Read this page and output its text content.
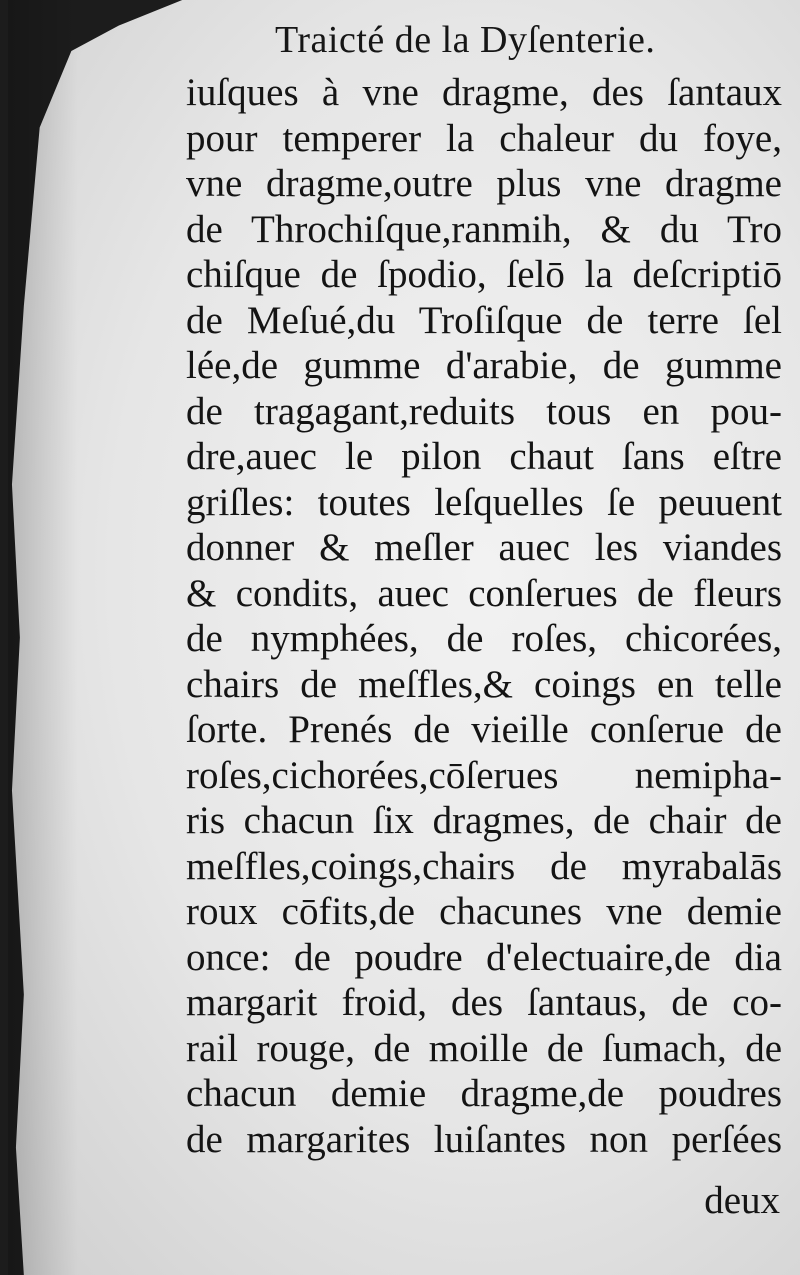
Traicté de la Dyſenterie.
iuſques à vne dragme, des ſantaux
pour temperer la chaleur du foye,
vne dragme,outre plus vne dragme
de Throchiſque,ranmih, & du Tro
chiſque de ſpodio, ſelō la deſcriptiō
de Meſué,du Troſiſque de terre ſel
lée,de gumme d'arabie, de gumme
de tragagant,reduits tous en pou-
dre,auec le pilon chaut ſans eſtre
griſles: toutes leſquelles ſe peuuent
donner & meſler auec les viandes
& condits, auec conſerues de fleurs
de nymphées, de roſes, chicorées,
chairs de meſfles,& coings en telle
ſorte. Prenés de vieille conſerue de
roſes,cichorées,cōſerues nemipha-
ris chacun ſix dragmes, de chair de
meſfles,coings,chairs de myrabalās
roux cōfits,de chacunes vne demie
once: de poudre d'electuaire,de dia
margarit froid, des ſantaus, de co-
rail rouge, de moille de ſumach, de
chacun demie dragme,de poudres
de margarites luiſantes non perſées
deux
